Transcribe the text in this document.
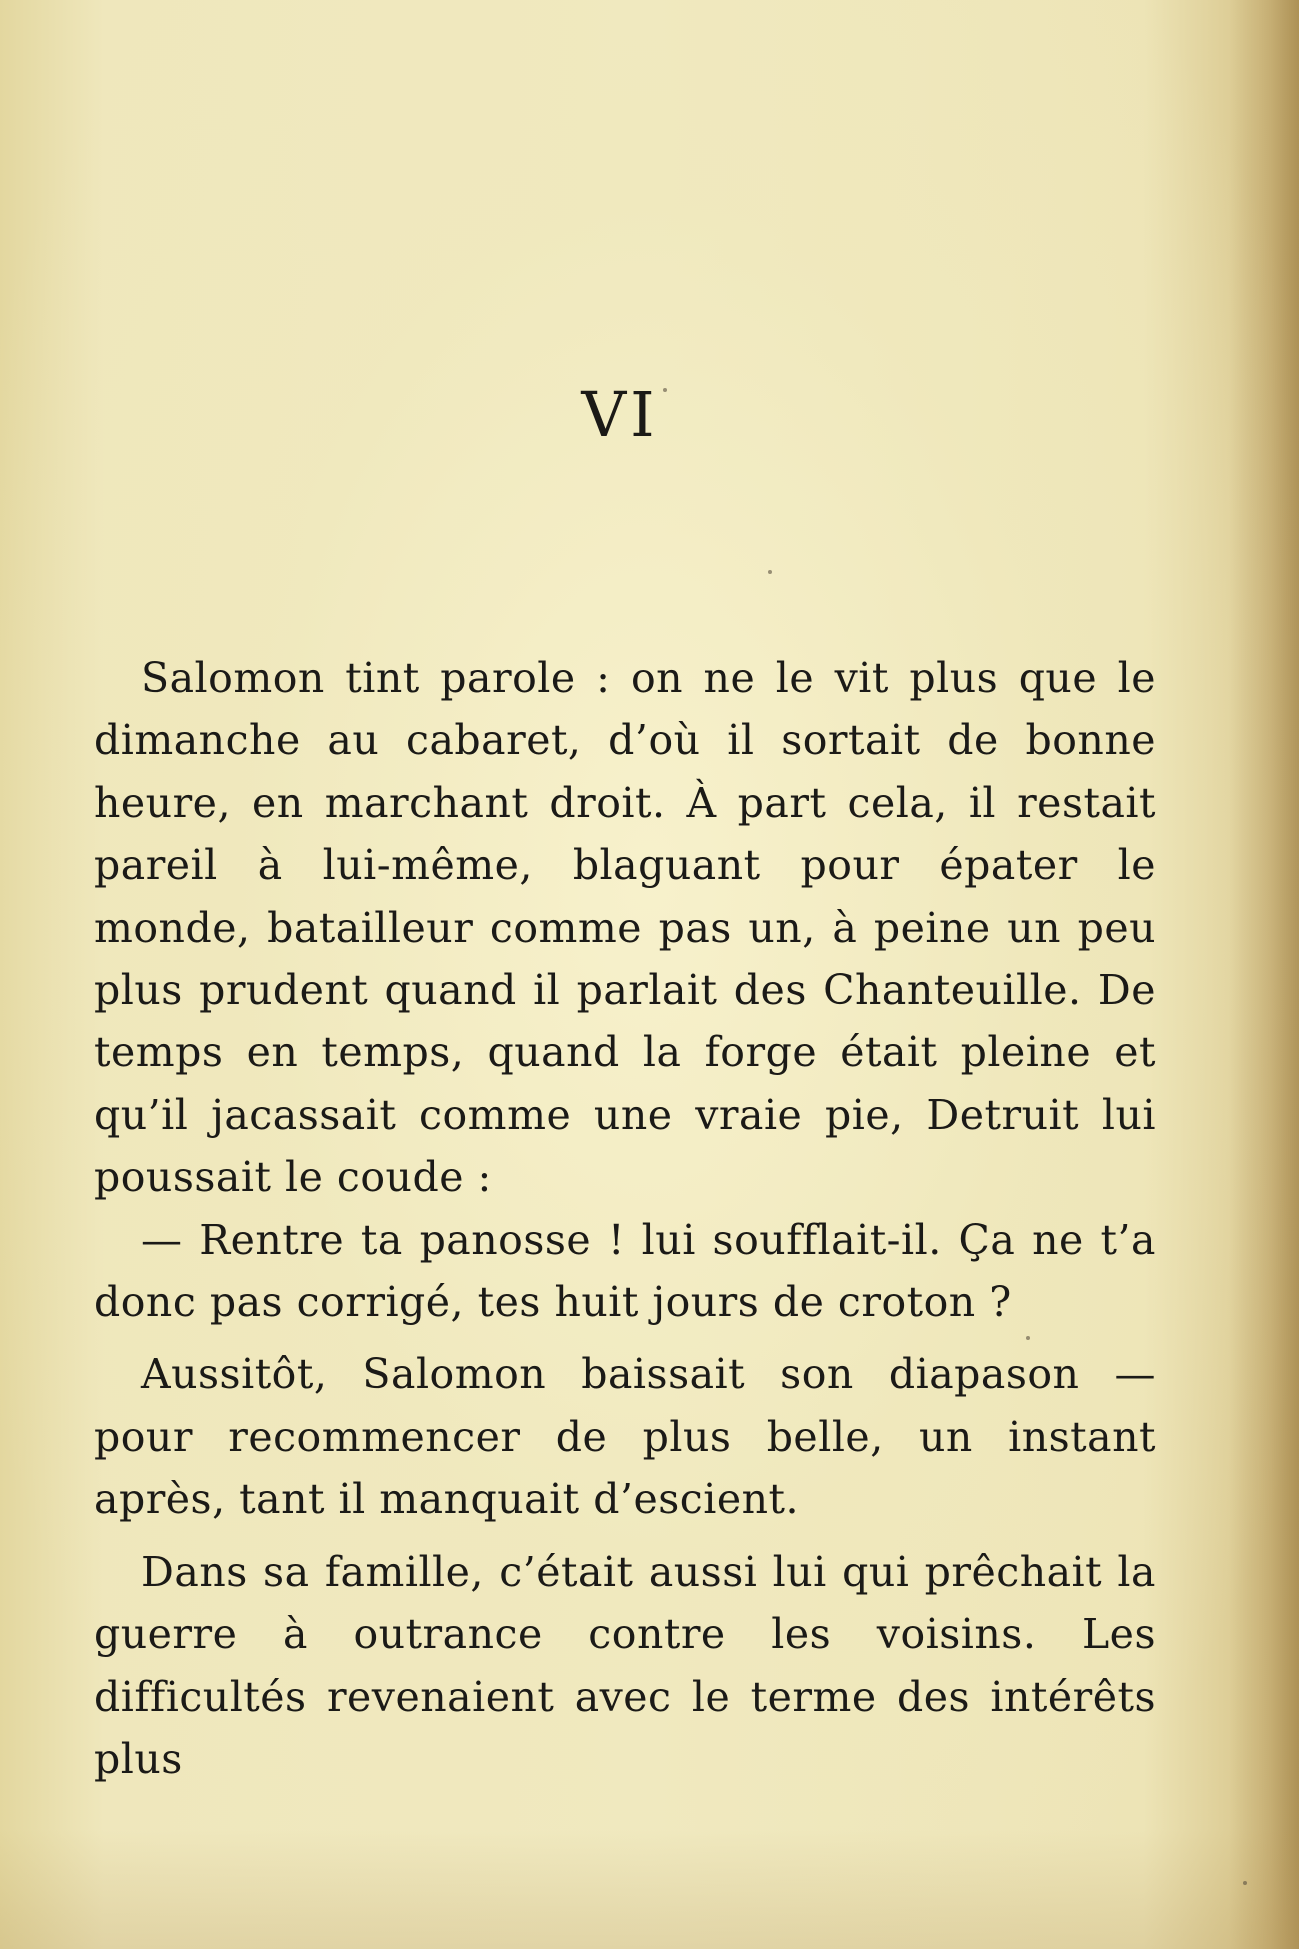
VI

Salomon tint parole : on ne le vit plus que le dimanche au cabaret, d’où il sortait de bonne heure, en marchant droit. À part cela, il restait pareil à lui-même, blaguant pour épater le monde, batailleur comme pas un, à peine un peu plus prudent quand il parlait des Chanteuille. De temps en temps, quand la forge était pleine et qu’il jacassait comme une vraie pie, Detruit lui poussait le coude :

— Rentre ta panosse ! lui soufflait-il. Ça ne t’a donc pas corrigé, tes huit jours de croton ?

Aussitôt, Salomon baissait son diapason — pour recommencer de plus belle, un instant après, tant il manquait d’escient.

Dans sa famille, c’était aussi lui qui prêchait la guerre à outrance contre les voisins. Les difficultés revenaient avec le terme des intérêts plus
